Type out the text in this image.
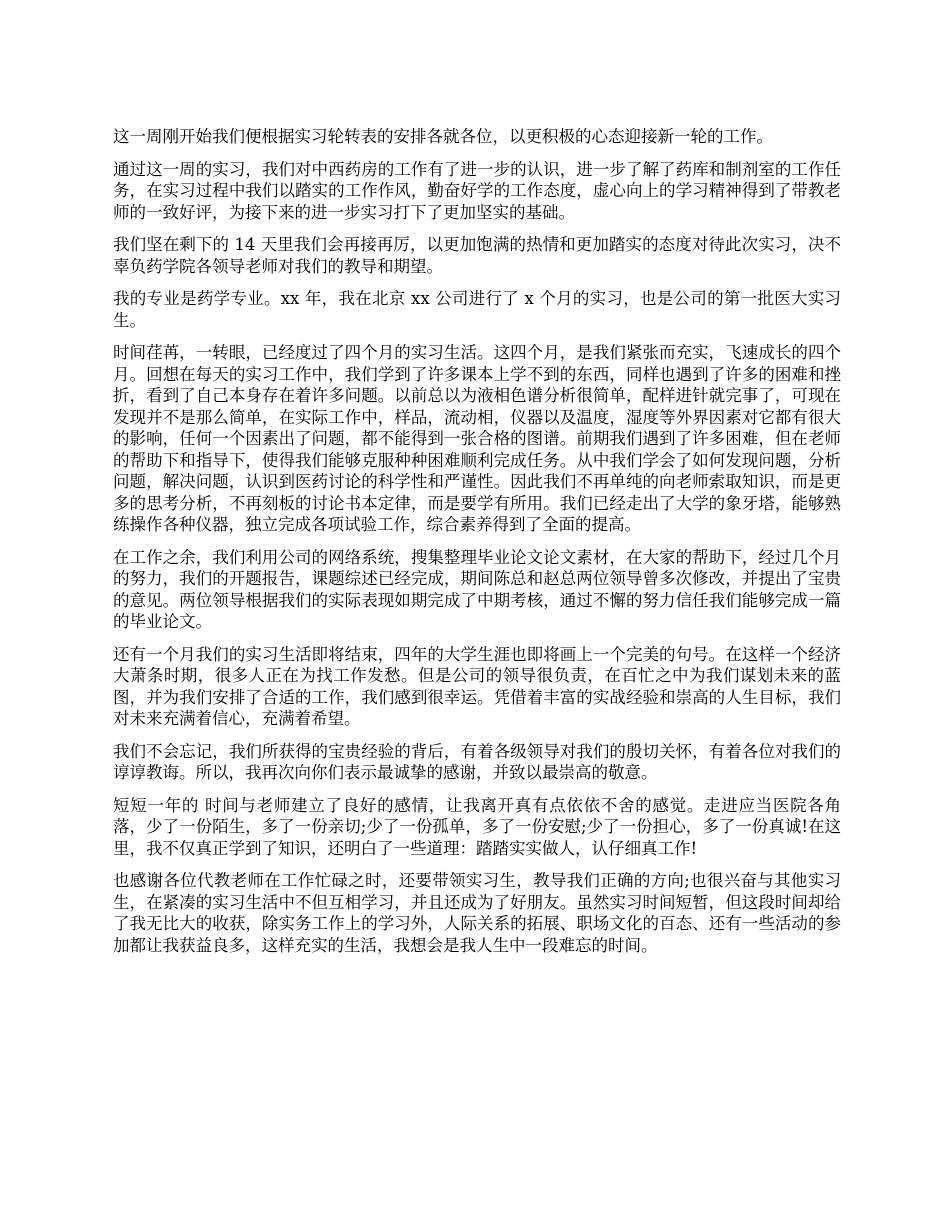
这一周刚开始我们便根据实习轮转表的安排各就各位，以更积极的心态迎接新一轮的工作。

通过这一周的实习，我们对中西药房的工作有了进一步的认识，进一步了解了药库和制剂室的工作任务，在实习过程中我们以踏实的工作作风，勤奋好学的工作态度，虚心向上的学习精神得到了带教老师的一致好评，为接下来的进一步实习打下了更加坚实的基础。

我们坚在剩下的 14 天里我们会再接再厉，以更加饱满的热情和更加踏实的态度对待此次实习，决不辜负药学院各领导老师对我们的教导和期望。

我的专业是药学专业。xx 年，我在北京 xx 公司进行了 x 个月的实习，也是公司的第一批医大实习生。

时间荏苒，一转眼，已经度过了四个月的实习生活。这四个月，是我们紧张而充实，飞速成长的四个月。回想在每天的实习工作中，我们学到了许多课本上学不到的东西，同样也遇到了许多的困难和挫折，看到了自己本身存在着许多问题。以前总以为液相色谱分析很简单，配样进针就完事了，可现在发现并不是那么简单，在实际工作中，样品，流动相，仪器以及温度，湿度等外界因素对它都有很大的影响，任何一个因素出了问题，都不能得到一张合格的图谱。前期我们遇到了许多困难，但在老师的帮助下和指导下，使得我们能够克服种种困难顺利完成任务。从中我们学会了如何发现问题，分析问题，解决问题，认识到医药讨论的科学性和严谨性。因此我们不再单纯的向老师索取知识，而是更多的思考分析，不再刻板的讨论书本定律，而是要学有所用。我们已经走出了大学的象牙塔，能够熟练操作各种仪器，独立完成各项试验工作，综合素养得到了全面的提高。

在工作之余，我们利用公司的网络系统，搜集整理毕业论文论文素材，在大家的帮助下，经过几个月的努力，我们的开题报告，课题综述已经完成，期间陈总和赵总两位领导曾多次修改，并提出了宝贵的意见。两位领导根据我们的实际表现如期完成了中期考核，通过不懈的努力信任我们能够完成一篇的毕业论文。

还有一个月我们的实习生活即将结束，四年的大学生涯也即将画上一个完美的句号。在这样一个经济大萧条时期，很多人正在为找工作发愁。但是公司的领导很负责，在百忙之中为我们谋划未来的蓝图，并为我们安排了合适的工作，我们感到很幸运。凭借着丰富的实战经验和崇高的人生目标，我们对未来充满着信心，充满着希望。

我们不会忘记，我们所获得的宝贵经验的背后，有着各级领导对我们的殷切关怀，有着各位对我们的谆谆教诲。所以，我再次向你们表示最诚挚的感谢，并致以最崇高的敬意。

短短一年的 时间与老师建立了良好的感情，让我离开真有点依依不舍的感觉。走进应当医院各角落，少了一份陌生，多了一份亲切;少了一份孤单，多了一份安慰;少了一份担心，多了一份真诚!在这里，我不仅真正学到了知识，还明白了一些道理：踏踏实实做人，认仔细真工作!

也感谢各位代教老师在工作忙碌之时，还要带领实习生，教导我们正确的方向;也很兴奋与其他实习生，在紧凑的实习生活中不但互相学习，并且还成为了好朋友。虽然实习时间短暂，但这段时间却给了我无比大的收获，除实务工作上的学习外，人际关系的拓展、职场文化的百态、还有一些活动的参加都让我获益良多，这样充实的生活，我想会是我人生中一段难忘的时间。
